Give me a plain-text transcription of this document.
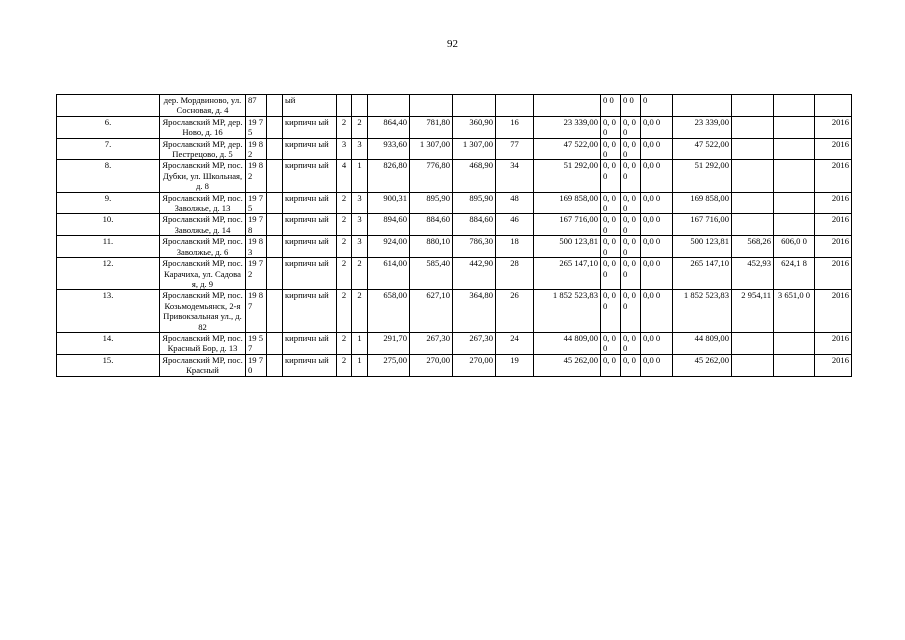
92
	дер. Мордвиново, ул. Сосновая, д. 4	87		ый								0 0	0 0	0				
6.	Ярославский МР, дер. Ново, д. 16	19 75		кирпичн ый	2	2	864,40	781,80	360,90	16	23 339,00	0, 0 0	0, 0 0	0,0 0	23 339,00			2016
7.	Ярославский МР, дер. Пестрецово, д. 5	19 82		кирпичн ый	3	3	933,60	1 307,00	1 307,00	77	47 522,00	0, 0 0	0, 0 0	0,0 0	47 522,00			2016
8.	Ярославский МР, пос. Дубки, ул. Школьная, д. 8	19 82		кирпичн ый	4	1	826,80	776,80	468,90	34	51 292,00	0, 0 0	0, 0 0	0,0 0	51 292,00			2016
9.	Ярославский МР, пос. Заволжье, д. 13	19 75		кирпичн ый	2	3	900,31	895,90	895,90	48	169 858,00	0, 0 0	0, 0 0	0,0 0	169 858,00			2016
10.	Ярославский МР, пос. Заволжье, д. 14	19 78		кирпичн ый	2	3	894,60	884,60	884,60	46	167 716,00	0, 0 0	0, 0 0	0,0 0	167 716,00			2016
11.	Ярославский МР, пос. Заволжье, д. 6	19 83		кирпичн ый	2	3	924,00	880,10	786,30	18	500 123,81	0, 0 0	0, 0 0	0,0 0	500 123,81	568,26	606,0 0	2016
12.	Ярославский МР, пос. Карачиха, ул. Садовая, д. 9	19 72		кирпичн ый	2	2	614,00	585,40	442,90	28	265 147,10	0, 0 0	0, 0 0	0,0 0	265 147,10	452,93	624,1 8	2016
13.	Ярославский МР, пос. Козьмодемьянск, 2-я Привокзальная ул., д. 82	19 87		кирпичн ый	2	2	658,00	627,10	364,80	26	1 852 523,83	0, 0 0	0, 0 0	0,0 0	1 852 523,83	2 954,11	3 651,0 0	2016
14.	Ярославский МР, пос. Красный Бор, д. 13	19 57		кирпичн ый	2	1	291,70	267,30	267,30	24	44 809,00	0, 0 0	0, 0 0	0,0 0	44 809,00			2016
15.	Ярославский МР, пос. Красный	19 70		кирпичн ый	2	1	275,00	270,00	270,00	19	45 262,00	0, 0	0, 0	0,0 0	45 262,00			2016
